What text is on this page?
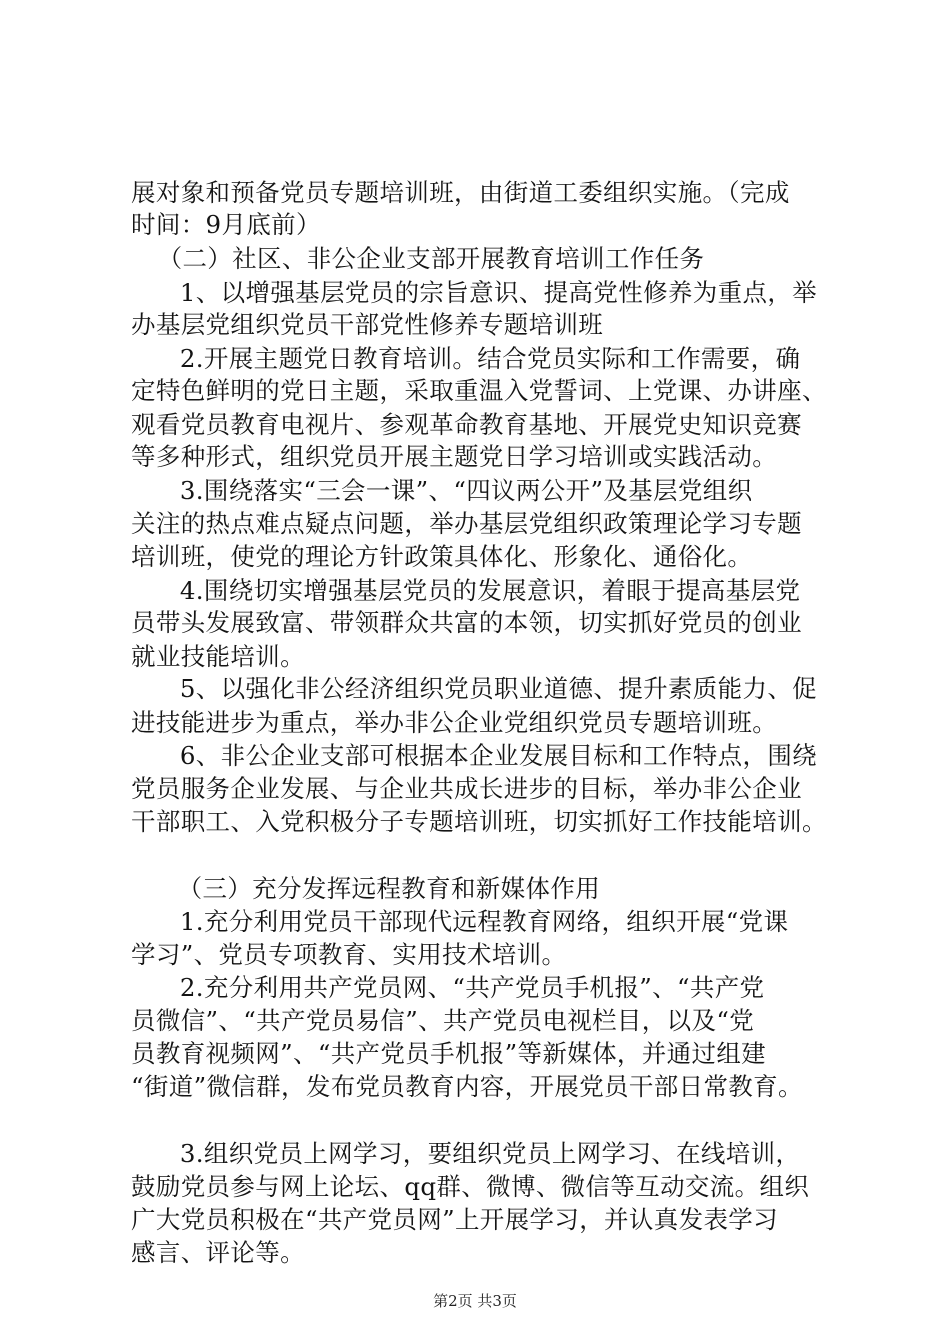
展对象和预备党员专题培训班，由街道工委组织实施。（完成
时间：9月底前）
　（二）社区、非公企业支部开展教育培训工作任务
　1、以增强基层党员的宗旨意识、提高党性修养为重点，举
办基层党组织党员干部党性修养专题培训班
　2.开展主题党日教育培训。结合党员实际和工作需要，确
定特色鲜明的党日主题，采取重温入党誓词、上党课、办讲座、
观看党员教育电视片、参观革命教育基地、开展党史知识竞赛
等多种形式，组织党员开展主题党日学习培训或实践活动。
　3.围绕落实“三会一课”、“四议两公开”及基层党组织
关注的热点难点疑点问题，举办基层党组织政策理论学习专题
培训班，使党的理论方针政策具体化、形象化、通俗化。
　4.围绕切实增强基层党员的发展意识，着眼于提高基层党
员带头发展致富、带领群众共富的本领，切实抓好党员的创业
就业技能培训。
　5、以强化非公经济组织党员职业道德、提升素质能力、促
进技能进步为重点，举办非公企业党组织党员专题培训班。
　6、非公企业支部可根据本企业发展目标和工作特点，围绕
党员服务企业发展、与企业共成长进步的目标，举办非公企业
干部职工、入党积极分子专题培训班，切实抓好工作技能培训。
　（三）充分发挥远程教育和新媒体作用
　1.充分利用党员干部现代远程教育网络，组织开展“党课
学习”、党员专项教育、实用技术培训。
　2.充分利用共产党员网、“共产党员手机报”、“共产党
员微信”、“共产党员易信”、共产党员电视栏目，以及“党
员教育视频网”、“共产党员手机报”等新媒体，并通过组建
“街道”微信群，发布党员教育内容，开展党员干部日常教育。
　3.组织党员上网学习，要组织党员上网学习、在线培训，
鼓励党员参与网上论坛、qq群、微博、微信等互动交流。组织
广大党员积极在“共产党员网”上开展学习，并认真发表学习
感言、评论等。
第2页 共3页
